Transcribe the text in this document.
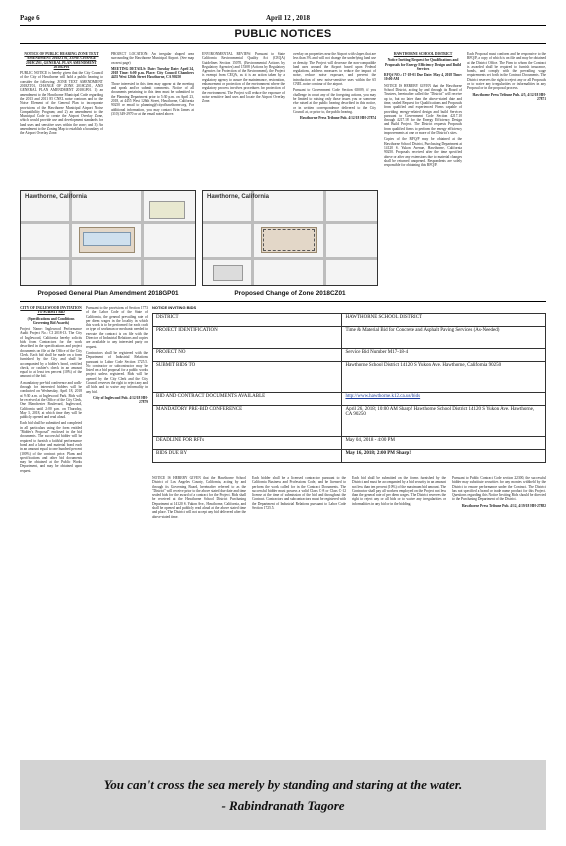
Page 6	April 12 , 2018
PUBLIC NOTICES
NOTICE OF PUBLIC HEARING ZONE TEXT AMENDMENT 2018ZT01, ZONE CHANGE 2018CZ01, GENERAL PLAN AMENDMENT 2018GP01

PUBLIC NOTICE is hereby given that the City Council of the City of Hawthorne will hold a public hearing to consider the following: ZONE TEXT AMENDMENT 2018ZT01, CHANGE OF ZONE 2018CZ01, AND GENERAL PLAN AMENDMENT 2018GP01. 1) an amendment to the Hawthorne Municipal Code regarding the 2013 and 2011 85 CNEL noise contours and to the Noise Element of the General Plan to incorporate provisions of the Hawthorne Municipal Airport Noise Compatibility Program; and 2) an amendment to the Municipal Code to create the Airport Overlay Zone, which would provide use and development standards for land uses and sensitive uses within the zone; and 3) An amendment to the Zoning Map to establish a boundary of the Airport Overlay Zone.

PROJECT LOCATION: An irregular shaped area surrounding the Hawthorne Municipal Airport. (See map on next page)

MEETING DETAILS: Date: Tuesday Date: April 24, 2018 Time: 6:00 p.m. Place: City Council Chambers 4455 West 126th Street Hawthorne, CA 90250

Those interested in this item may appear at the meeting and speak and/or submit comments. Notice of all documents pertaining to this item must be submitted to the Planning Department prior to 5:30 p.m. on April 23, 2018, at 4455 West 126th Street, Hawthorne, California 90250 or email to planning@cityofhawthorne.org. For additional information, you may contact Erin James at (310) 349-2970 or at the email noted above.

ENVIRONMENTAL REVIEW: Pursuant to State California Environmental Quality Act (CEQA) Guidelines Section 15070, (Environmental Actions by Regulatory Agencies) and 15308 (Actions by Regulatory Agencies for Protection of the Environment), the Project is exempt from CEQA, as it is an action taken by a regulatory agency to assure the maintenance, restoration, enhancement or protection of the environment where the regulatory process involves procedures for protection of the environment. The Project will reduce the exposure of noise sensitive land uses and locate the Airport Overlay Zone.

overlay on properties near the Airport with slopes that are less than 3% and will not change the underlying land use or density. The Project will decrease the non-compatible land uses around the Airport based upon Federal regulations, address measures to reduce the impact of noise, reduce noise exposure, and prevent the introduction of new noise-sensitive uses within the 65 CNEL noise contour of the airport.

Pursuant to Government Code Section 65009, if you challenge in court any of the foregoing actions, you may be limited to raising only those issues you or someone else raised at the public hearing described in this notice, or in written correspondence delivered to the City Council at, or prior to, the public hearing.

Hawthorne Press Tribune Pub. 4/12/18 HH-27874

HAWTHORNE SCHOOL DISTRICT
Notice Inviting Request for Qualifications and Proposals for Energy Efficiency Design and Build Services

RFQ# NO.: 17-18-01 Due Date: May 4, 2018 Time: 10:00 AM

NOTICE IS HEREBY GIVEN that the Hawthorne School District, acting by and through its Board of Trustees, hereinafter called the "District" will receive up to, but no later than the above-stated date and time, sealed Request for Qualifications and Proposals from qualified and experienced Firms capable of providing energy-related design and build Services pursuant to Government Code Section 4217.10 through 4217.18 for the Energy Efficiency Design and Build Project. The District requests Proposals from qualified firms to perform the energy efficiency improvements at one or more of the District's sites.

Copies of the RFQ/P may be obtained at the Hawthorne School District, Purchasing Department at 14120 S. Yukon Avenue, Hawthorne, California 90250. Proposals received after the time specified above or after any extensions due to material changes shall be returned unopened. Respondents are solely responsible for obtaining this RFQ/P.

Each Proposal must conform and be responsive to the RFQ/P, a copy of which is on file and may be obtained at the District Office. The Firm to whom the Contract is awarded shall be required to furnish insurance, bonds, and comply with the prevailing wage requirements set forth in the Contract Documents. The District reserves the right to reject any or all Proposals or to waive any irregularities or informalities in any Proposal or in the proposal process.

Hawthorne Press Tribune Pub. 4/5, 4/12/18 HH-27871

Hawthorne, California
Proposed General Plan Amendment 2018GP01
Hawthorne, California
Proposed Change of Zone 2018CZ01
CITY OF INGLEWOOD INVITATION TO SUBMIT BID
(Specifications and Conditions Governing Bid Awards)

Project Name: Inglewood Performance Audit Project No.: CI 2018-13. The City of Inglewood, California hereby solicits bids from Contractors for the work described in the specifications and project documents on file at the Office of the City Clerk. Each bid shall be made on a form furnished by the City and shall be accompanied by a bidder's bond, certified check, or cashier's check in an amount equal to at least ten percent (10%) of the amount of the bid.

A mandatory pre-bid conference and walk-through for interested bidders will be conducted on Wednesday, April 18, 2018 at 9:30 a.m. at Inglewood Park. Bids will be received at the Office of the City Clerk, One Manchester Boulevard, Inglewood, California until 2:00 p.m. on Thursday, May 3, 2018, at which time they will be publicly opened and read aloud.

Each bid shall be submitted and completed in all particulars using the form entitled "Bidder's Proposal" enclosed in the bid documents. The successful bidder will be required to furnish a faithful performance bond and a labor and material bond each in an amount equal to one hundred percent (100%) of the contract price. Plans and specifications and other bid documents may be obtained at the Public Works Department, and may be obtained upon request.

Pursuant to the provisions of Section 1773 of the Labor Code of the State of California, the general prevailing rate of per diem wages in the locality in which this work is to be performed for each craft or type of workman or mechanic needed to execute the contract is on file with the Director of Industrial Relations and copies are available to any interested party on request.

Contractors shall be registered with the Department of Industrial Relations pursuant to Labor Code Section 1725.5. No contractor or subcontractor may be listed on a bid proposal for a public works project unless registered. Bids will be opened by the City Clerk and the City Council reserves the right to reject any and all bids and to waive any informality in any bid.

City of Inglewood Pub. 4/12/18 HH-27879

NOTICE INVITING BIDS
DISTRICT	HAWTHORNE SCHOOL DISTRICT
PROJECT IDENTIFICATION	Time & Material Bid for Concrete and Asphalt Paving Services (As-Needed)
PROJECT NO	Service Bid Number M17-18-4
SUBMIT BIDS TO	Hawthorne School District 14120 S Yukon Ave. Hawthorne, California 90250
BID AND CONTRACT DOCUMENTS AVAILABLE	http://www.hawthorne.k12.ca.us/bids
MANDATORY PRE-BID CONFERENCE	April 26, 2018; 10:00 AM Sharp! Hawthorne School District 14120 S Yukon Ave. Hawthorne, CA 90250
DEADLINE FOR RFI's	May 04, 2018 - 4:00 PM
BIDS DUE BY	May 16, 2018; 2:00 PM Sharp!

NOTICE IS HEREBY GIVEN that the Hawthorne School District of Los Angeles County, California, acting by and through its Governing Board, hereinafter referred to as the "District" will receive prior to the above stated due date and time sealed bids for the award of a contract for the Project. Bids shall be received at the Hawthorne School District Purchasing Department at 14120 S. Yukon Ave., Hawthorne, California, and shall be opened and publicly read aloud at the above stated time and place. The District will not accept any bid delivered after the above-stated time.

Each bidder shall be a licensed contractor pursuant to the California Business and Professions Code, and be licensed to perform the work called for in the Contract Documents. The successful bidder must possess a valid Class C-8 or Class C-12 license at the time of submission of the bid and throughout the Contract. Contractors and subcontractors must be registered with the Department of Industrial Relations pursuant to Labor Code Section 1725.5.

Each bid shall be submitted on the forms furnished by the District and must be accompanied by a bid security in an amount not less than ten percent (10%) of the maximum bid amount. The Contractor shall pay all workers employed on the Project not less than the general rate of per diem wages. The District reserves the right to reject any or all bids or to waive any irregularities or informalities in any bid or in the bidding.

Pursuant to Public Contract Code section 22300, the successful bidder may substitute securities for any monies withheld by the District to ensure performance under the Contract. The District has not specified a brand or trade name product for this Project. Questions regarding this Notice Inviting Bids should be directed to the Purchasing Department of the District.

Hawthorne Press Tribune Pub. 4/12, 4/19/18 HH-27882

You can't cross the sea merely by standing and staring at the water.
- Rabindranath Tagore
